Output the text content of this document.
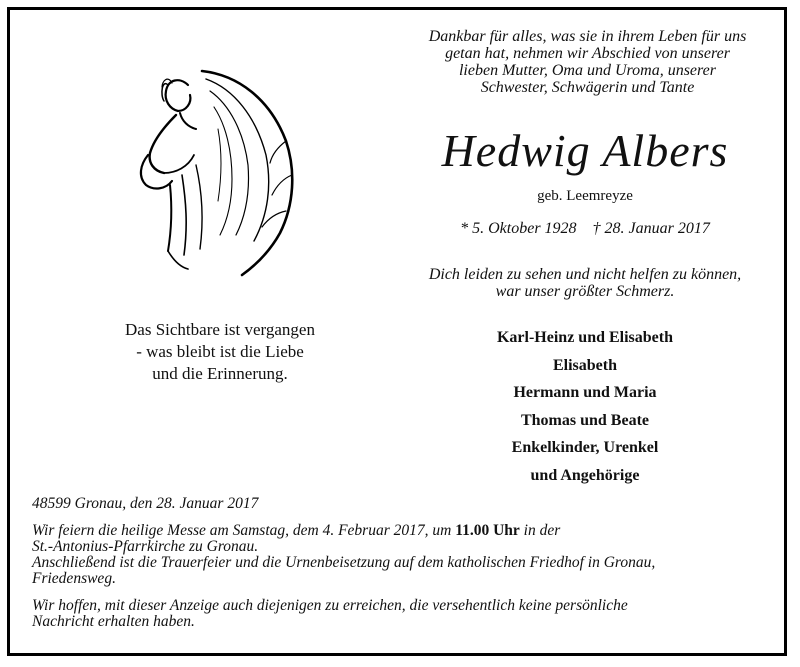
Dankbar für alles, was sie in ihrem Leben für uns
getan hat, nehmen wir Abschied von unserer
lieben Mutter, Oma und Uroma, unserer
Schwester, Schwägerin und Tante
Hedwig Albers
geb. Leemreyze
* 5. Oktober 1928 † 28. Januar 2017
Dich leiden zu sehen und nicht helfen zu können,
war unser größter Schmerz.
Das Sichtbare ist vergangen
- was bleibt ist die Liebe
und die Erinnerung.
Karl-Heinz und Elisabeth
Elisabeth
Hermann und Maria
Thomas und Beate
Enkelkinder, Urenkel
und Angehörige
48599 Gronau, den 28. Januar 2017
Wir feiern die heilige Messe am Samstag, dem 4. Februar 2017, um 11.00 Uhr in der
St.-Antonius-Pfarrkirche zu Gronau.
Anschließend ist die Trauerfeier und die Urnenbeisetzung auf dem katholischen Friedhof in Gronau,
Friedensweg.
Wir hoffen, mit dieser Anzeige auch diejenigen zu erreichen, die versehentlich keine persönliche
Nachricht erhalten haben.
